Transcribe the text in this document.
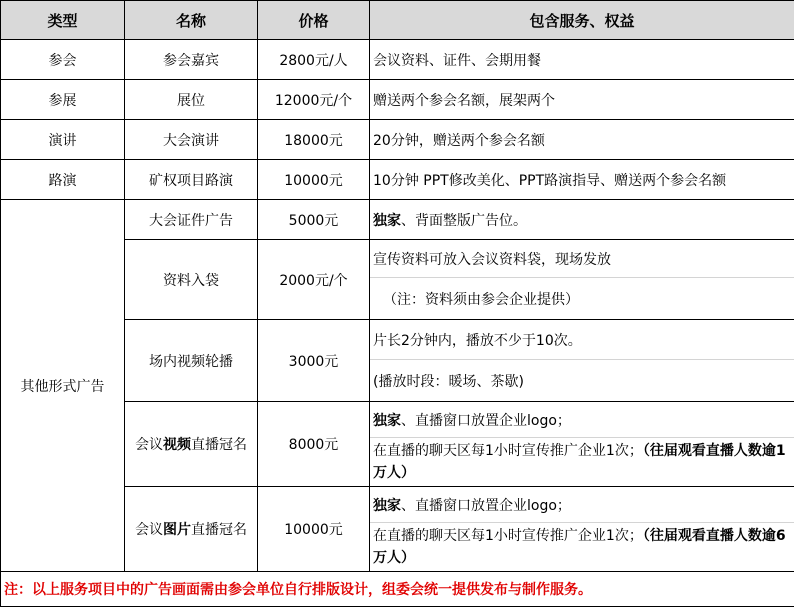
类型	名称	价格	包含服务、权益
参会	参会嘉宾	2800元/人	会议资料、证件、会期用餐
参展	展位	12000元/个	赠送两个参会名额，展架两个
演讲	大会演讲	18000元	20分钟，赠送两个参会名额
路演	矿权项目路演	10000元	10分钟 PPT修改美化、PPT路演指导、赠送两个参会名额
其他形式广告	大会证件广告	5000元	独家、背面整版广告位。
	资料入袋	2000元/个	宣传资料可放入会议资料袋，现场发放
			（注：资料须由参会企业提供）
	场内视频轮播	3000元	片长2分钟内，播放不少于10次。
			(播放时段：暖场、茶歇)
	会议视频直播冠名	8000元	独家、直播窗口放置企业logo；
			在直播的聊天区每1小时宣传推广企业1次；（往届观看直播人数逾1万人）
	会议图片直播冠名	10000元	独家、直播窗口放置企业logo；
			在直播的聊天区每1小时宣传推广企业1次；（往届观看直播人数逾6万人）
注：以上服务项目中的广告画面需由参会单位自行排版设计，组委会统一提供发布与制作服务。			
